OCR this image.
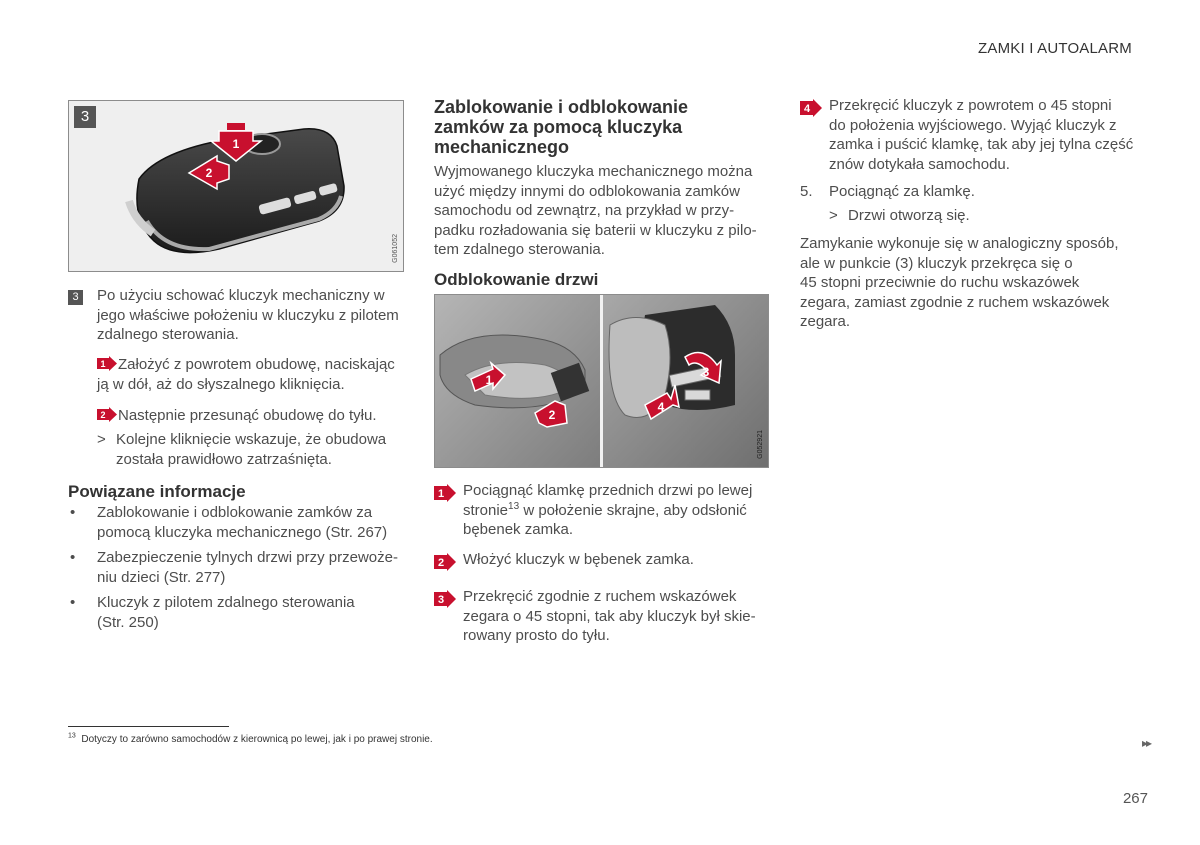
ZAMKI I AUTOALARM
1
2
3
G061052
3 Po użyciu schować kluczyk mechaniczny w
jego właściwe położeniu w kluczyku z pilotem
zdalnego sterowania.
1 Założyć z powrotem obudowę, naciskając
ją w dół, aż do słyszalnego kliknięcia.
2 Następnie przesunąć obudowę do tyłu.
> Kolejne kliknięcie wskazuje, że obudowa
została prawidłowo zatrzaśnięta.
Powiązane informacje
• Zablokowanie i odblokowanie zamków za
pomocą kluczyka mechanicznego (Str. 267)
• Zabezpieczenie tylnych drzwi przy przewoże-
niu dzieci (Str. 277)
• Kluczyk z pilotem zdalnego sterowania
(Str. 250)
Zablokowanie i odblokowanie
zamków za pomocą kluczyka
mechanicznego
Wyjmowanego kluczyka mechanicznego można
użyć między innymi do odblokowania zamków
samochodu od zewnątrz, na przykład w przy-
padku rozładowania się baterii w kluczyku z pilo-
tem zdalnego sterowania.
Odblokowanie drzwi
1
2
3
4
G052921
1 Pociągnąć klamkę przednich drzwi po lewej
stronie$^{13}$ w położenie skrajne, aby odsłonić
bębenek zamka.
2 Włożyć kluczyk w bębenek zamka.
3 Przekręcić zgodnie z ruchem wskazówek
zegara o 45 stopni, tak aby kluczyk był skie-
rowany prosto do tyłu.
4 Przekręcić kluczyk z powrotem o 45 stopni
do położenia wyjściowego. Wyjąć kluczyk z
zamka i puścić klamkę, tak aby jej tylna część
znów dotykała samochodu.
5. Pociągnąć za klamkę.
> Drzwi otworzą się.
Zamykanie wykonuje się w analogiczny sposób,
ale w punkcie (3) kluczyk przekręca się o
45 stopni przeciwnie do ruchu wskazówek
zegara, zamiast zgodnie z ruchem wskazówek
zegara.
$^{13}$ Dotyczy to zarówno samochodów z kierownicą po lewej, jak i po prawej stronie.	▸▸
267
